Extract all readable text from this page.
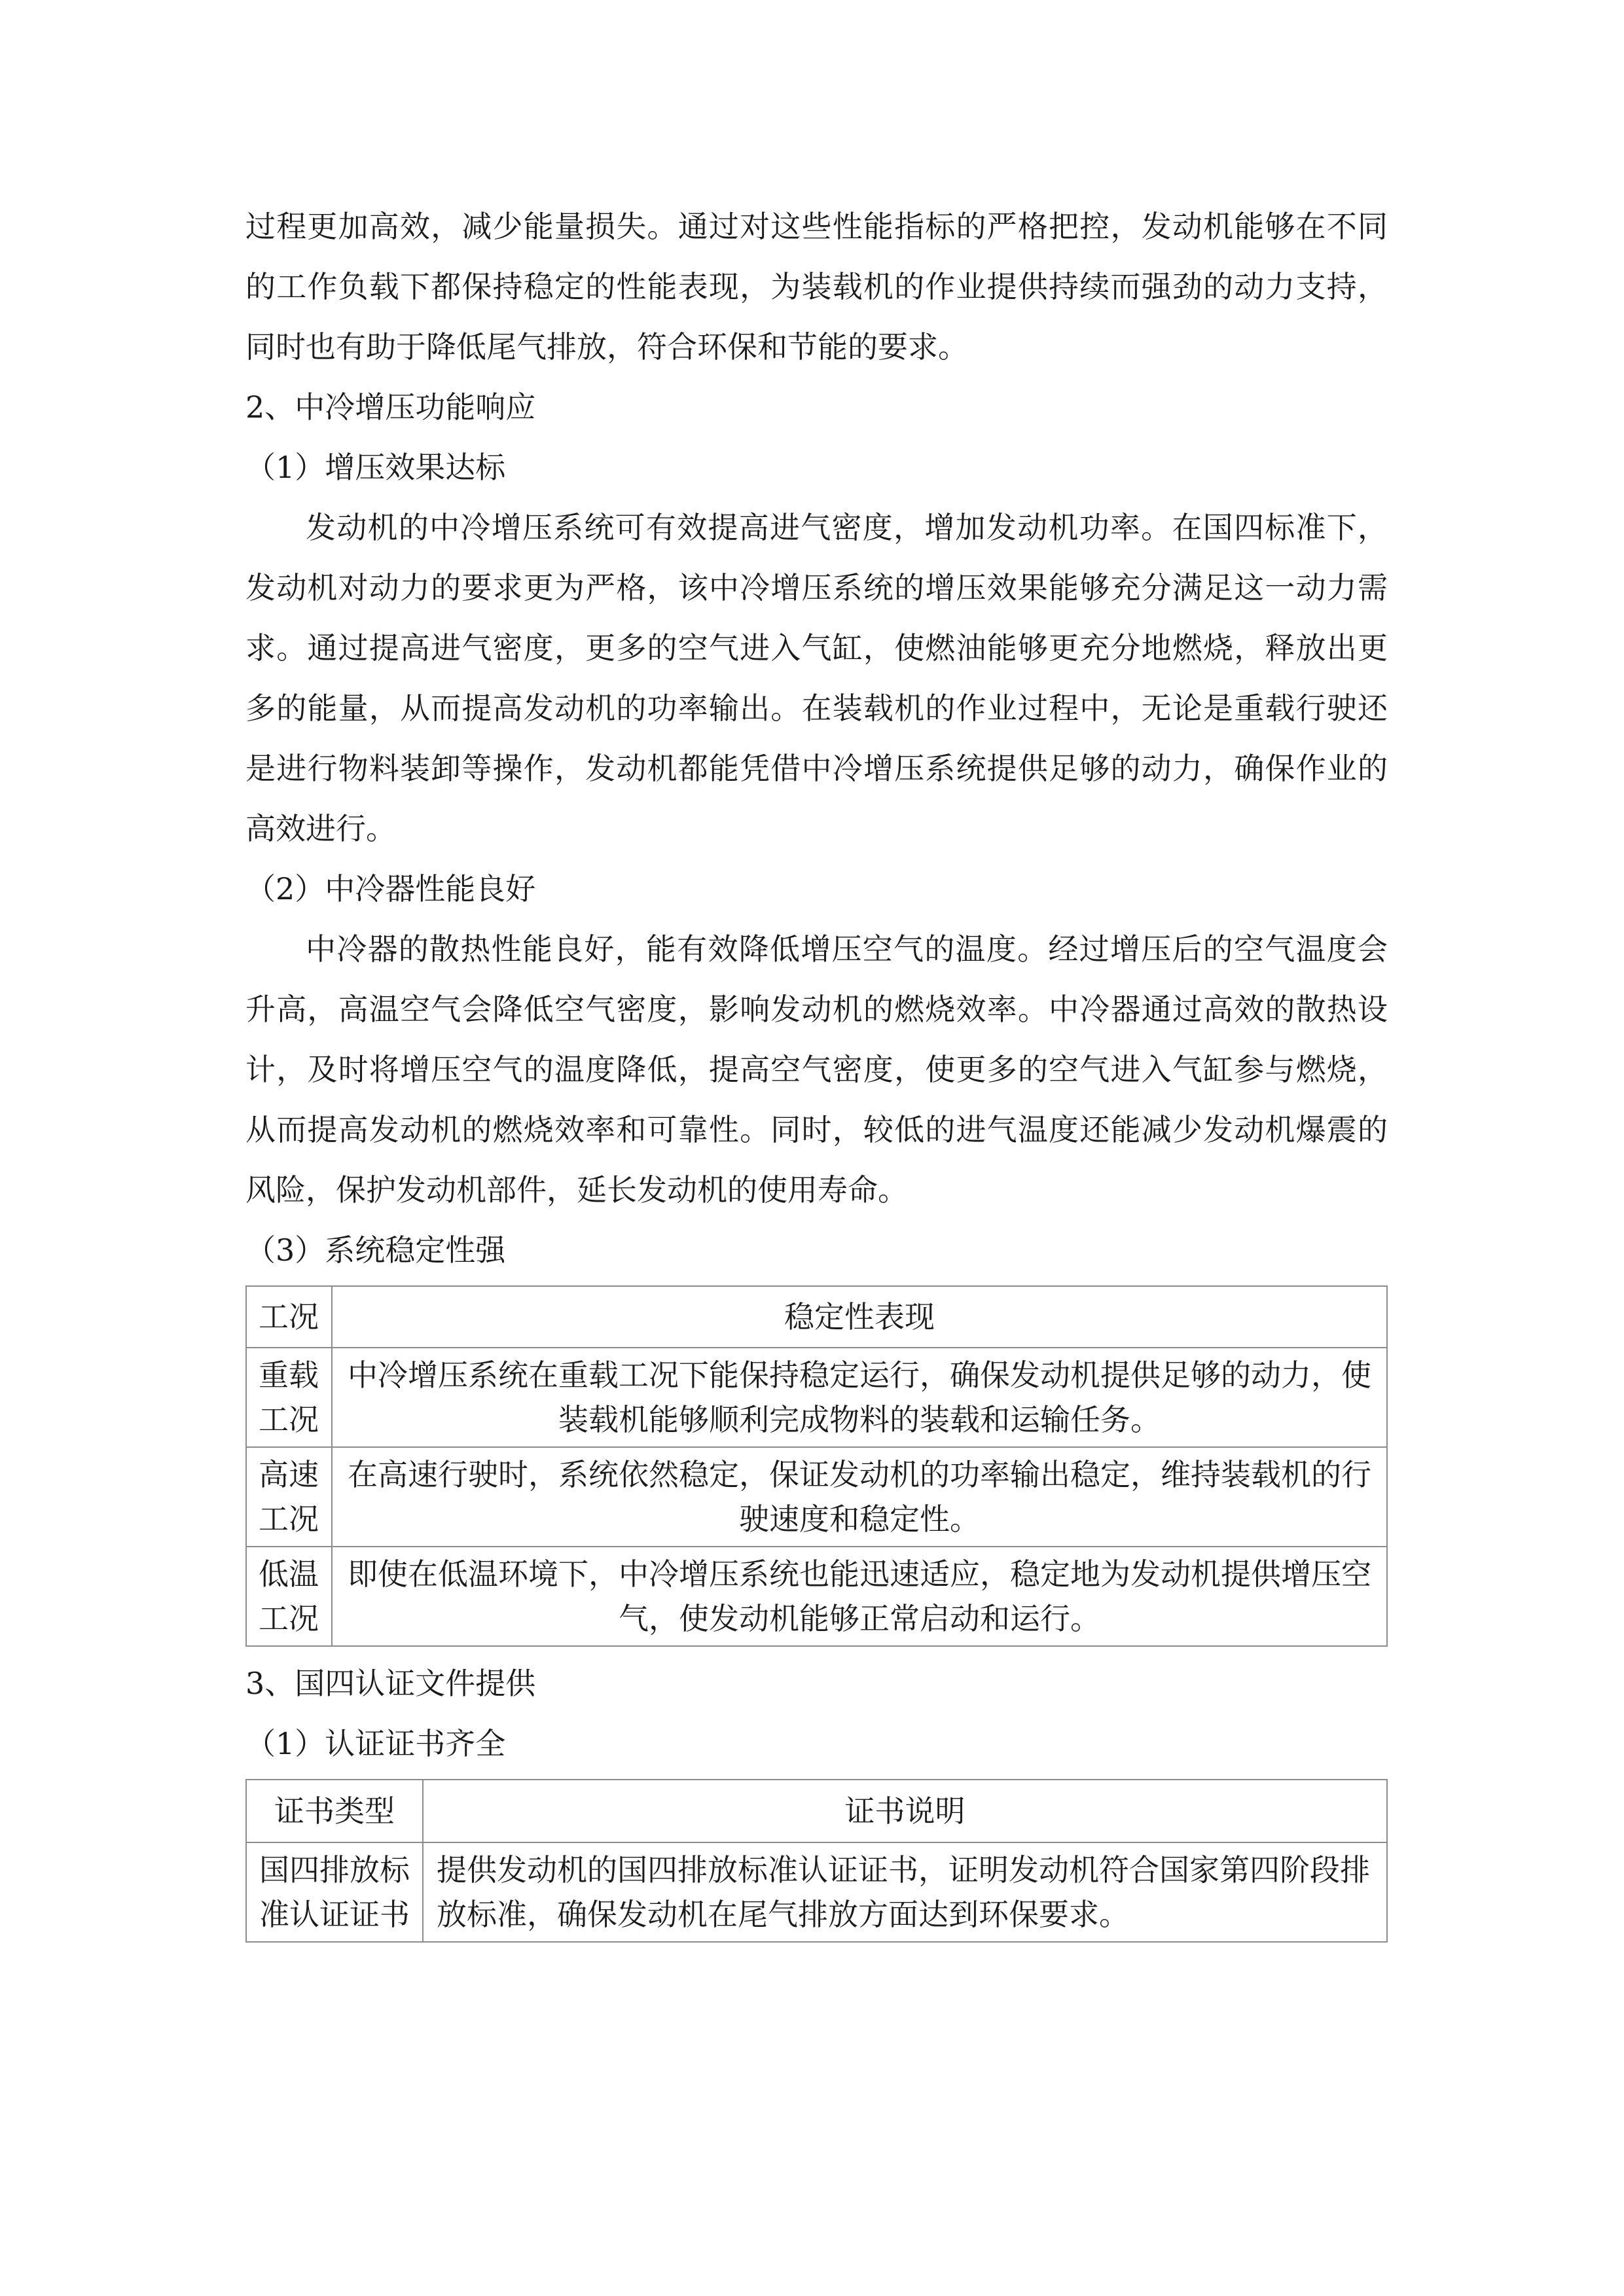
过程更加高效，减少能量损失。通过对这些性能指标的严格把控，发动机能够在不同的工作负载下都保持稳定的性能表现，为装载机的作业提供持续而强劲的动力支持，同时也有助于降低尾气排放，符合环保和节能的要求。

2、中冷增压功能响应

（1）增压效果达标

发动机的中冷增压系统可有效提高进气密度，增加发动机功率。在国四标准下，发动机对动力的要求更为严格，该中冷增压系统的增压效果能够充分满足这一动力需求。通过提高进气密度，更多的空气进入气缸，使燃油能够更充分地燃烧，释放出更多的能量，从而提高发动机的功率输出。在装载机的作业过程中，无论是重载行驶还是进行物料装卸等操作，发动机都能凭借中冷增压系统提供足够的动力，确保作业的高效进行。

（2）中冷器性能良好

中冷器的散热性能良好，能有效降低增压空气的温度。经过增压后的空气温度会升高，高温空气会降低空气密度，影响发动机的燃烧效率。中冷器通过高效的散热设计，及时将增压空气的温度降低，提高空气密度，使更多的空气进入气缸参与燃烧，从而提高发动机的燃烧效率和可靠性。同时，较低的进气温度还能减少发动机爆震的风险，保护发动机部件，延长发动机的使用寿命。

（3）系统稳定性强

工况	稳定性表现
重载工况	中冷增压系统在重载工况下能保持稳定运行，确保发动机提供足够的动力，使装载机能够顺利完成物料的装载和运输任务。
高速工况	在高速行驶时，系统依然稳定，保证发动机的功率输出稳定，维持装载机的行驶速度和稳定性。
低温工况	即使在低温环境下，中冷增压系统也能迅速适应，稳定地为发动机提供增压空气，使发动机能够正常启动和运行。

3、国四认证文件提供

（1）认证证书齐全

证书类型	证书说明
国四排放标准认证证书	提供发动机的国四排放标准认证证书，证明发动机符合国家第四阶段排放标准，确保发动机在尾气排放方面达到环保要求。
